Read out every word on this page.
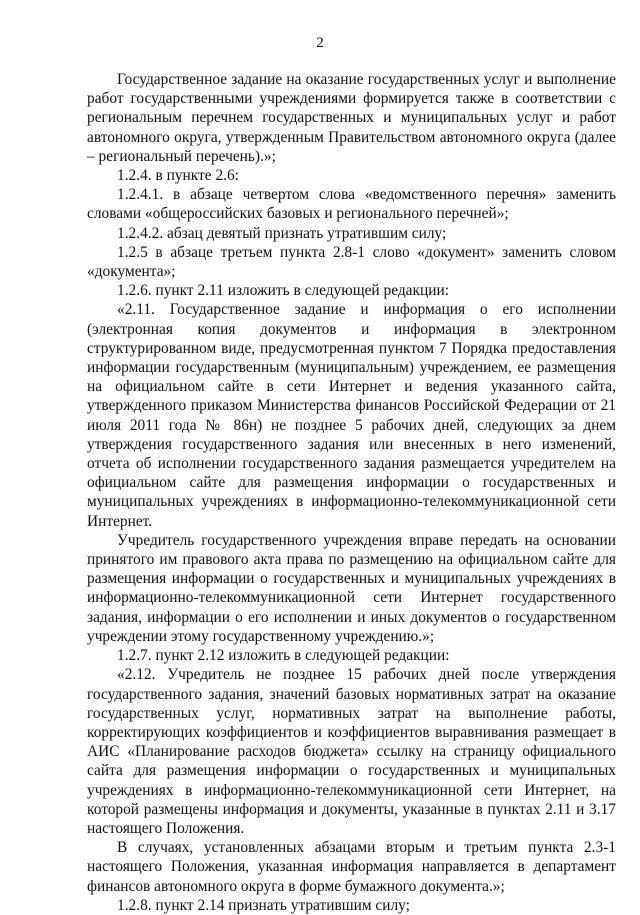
2

Государственное задание на оказание государственных услуг и выполнение работ государственными учреждениями формируется также в соответствии с региональным перечнем государственных и муниципальных услуг и работ автономного округа, утвержденным Правительством автономного округа (далее – региональный перечень).»;

1.2.4. в пункте 2.6:

1.2.4.1. в абзаце четвертом слова «ведомственного перечня» заменить словами «общероссийских базовых и регионального перечней»;

1.2.4.2. абзац девятый признать утратившим силу;

1.2.5 в абзаце третьем пункта 2.8-1 слово «документ» заменить словом «документа»;

1.2.6. пункт 2.11 изложить в следующей редакции:

«2.11. Государственное задание и информация о его исполнении (электронная копия документов и информация в электронном структурированном виде, предусмотренная пунктом 7 Порядка предоставления информации государственным (муниципальным) учреждением, ее размещения на официальном сайте в сети Интернет и ведения указанного сайта, утвержденного приказом Министерства финансов Российской Федерации от 21 июля 2011 года № 86н) не позднее 5 рабочих дней, следующих за днем утверждения государственного задания или внесенных в него изменений, отчета об исполнении государственного задания размещается учредителем на официальном сайте для размещения информации о государственных и муниципальных учреждениях в информационно-телекоммуникационной сети Интернет.

Учредитель государственного учреждения вправе передать на основании принятого им правового акта права по размещению на официальном сайте для размещения информации о государственных и муниципальных учреждениях в информационно-телекоммуникационной сети Интернет государственного задания, информации о его исполнении и иных документов о государственном учреждении этому государственному учреждению.»;

1.2.7. пункт 2.12 изложить в следующей редакции:

«2.12. Учредитель не позднее 15 рабочих дней после утверждения государственного задания, значений базовых нормативных затрат на оказание государственных услуг, нормативных затрат на выполнение работы, корректирующих коэффициентов и коэффициентов выравнивания размещает в АИС «Планирование расходов бюджета» ссылку на страницу официального сайта для размещения информации о государственных и муниципальных учреждениях в информационно-телекоммуникационной сети Интернет, на которой размещены информация и документы, указанные в пунктах 2.11 и 3.17 настоящего Положения.

В случаях, установленных абзацами вторым и третьим пункта 2.3-1 настоящего Положения, указанная информация направляется в департамент финансов автономного округа в форме бумажного документа.»;

1.2.8. пункт 2.14 признать утратившим силу;
